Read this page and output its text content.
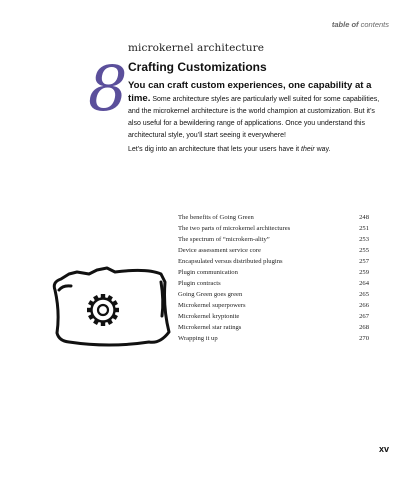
table of contents
8
microkernel architecture
Crafting Customizations
You can craft custom experiences, one capability at a time. Some architecture styles are particularly well suited for some capabilities, and the microkernel architecture is the world champion at customization. But it’s also useful for a bewildering range of applications. Once you understand this architectural style, you’ll start seeing it everywhere!
Let’s dig into an architecture that lets your users have it their way.
The benefits of Going Green	248
The two parts of microkernel architectures	251
The spectrum of “microkern-ality”	253
Device assessment service core	255
Encapsulated versus distributed plugins	257
Plugin communication	259
Plugin contracts	264
Going Green goes green	265
Microkernel superpowers	266
Microkernel kryptonite	267
Microkernel star ratings	268
Wrapping it up	270
xv
